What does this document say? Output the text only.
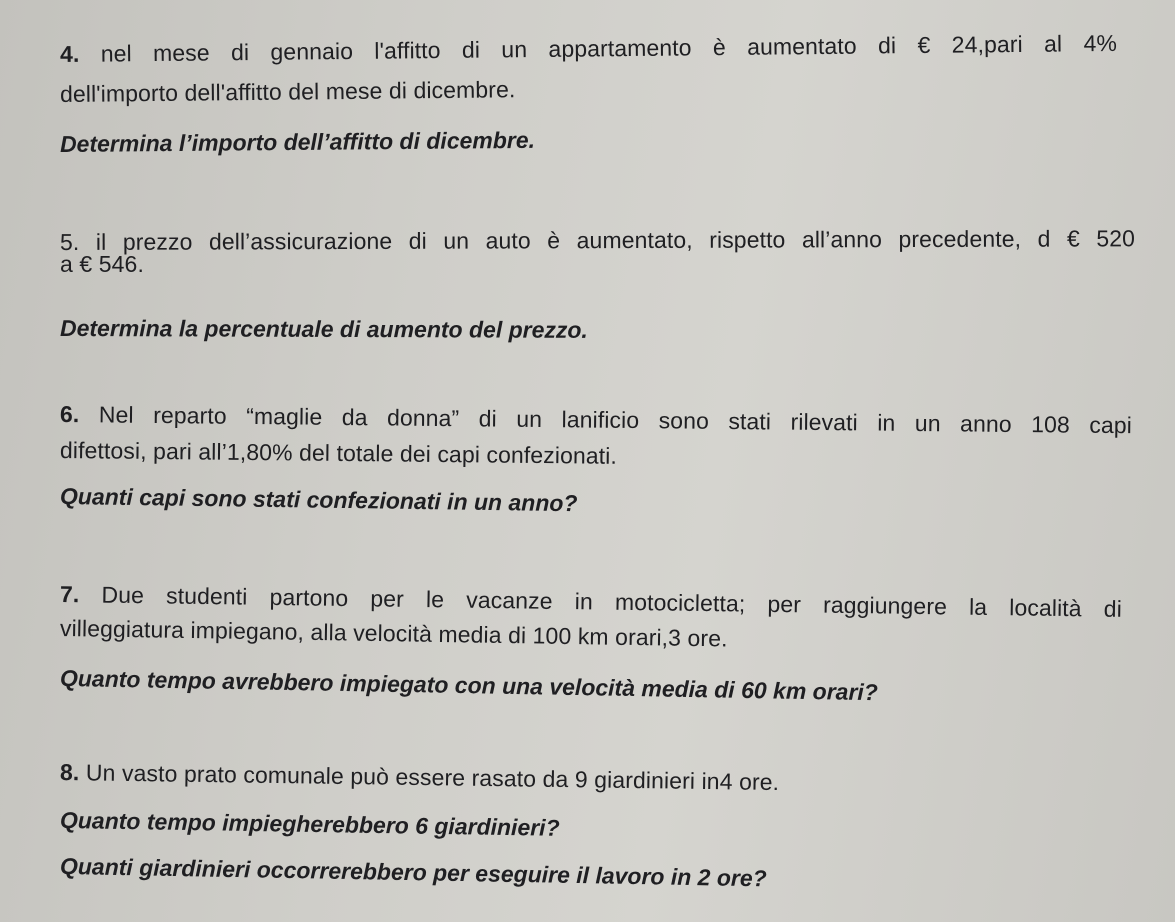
4. nel mese di gennaio l'affitto di un appartamento è aumentato di € 24,pari al 4%
dell'importo dell'affitto del mese di dicembre.
Determina l’importo dell’affitto di dicembre.
5. il prezzo dell’assicurazione di un auto è aumentato, rispetto all’anno precedente, d € 520
a € 546.
Determina la percentuale di aumento del prezzo.
6. Nel reparto “maglie da donna” di un lanificio sono stati rilevati in un anno 108 capi
difettosi, pari all’1,80% del totale dei capi confezionati.
Quanti capi sono stati confezionati in un anno?
7. Due studenti partono per le vacanze in motocicletta; per raggiungere la località di
villeggiatura impiegano, alla velocità media di 100 km orari,3 ore.
Quanto tempo avrebbero impiegato con una velocità media di 60 km orari?
8. Un vasto prato comunale può essere rasato da 9 giardinieri in4 ore.
Quanto tempo impiegherebbero 6 giardinieri?
Quanti giardinieri occorrerebbero per eseguire il lavoro in 2 ore?
